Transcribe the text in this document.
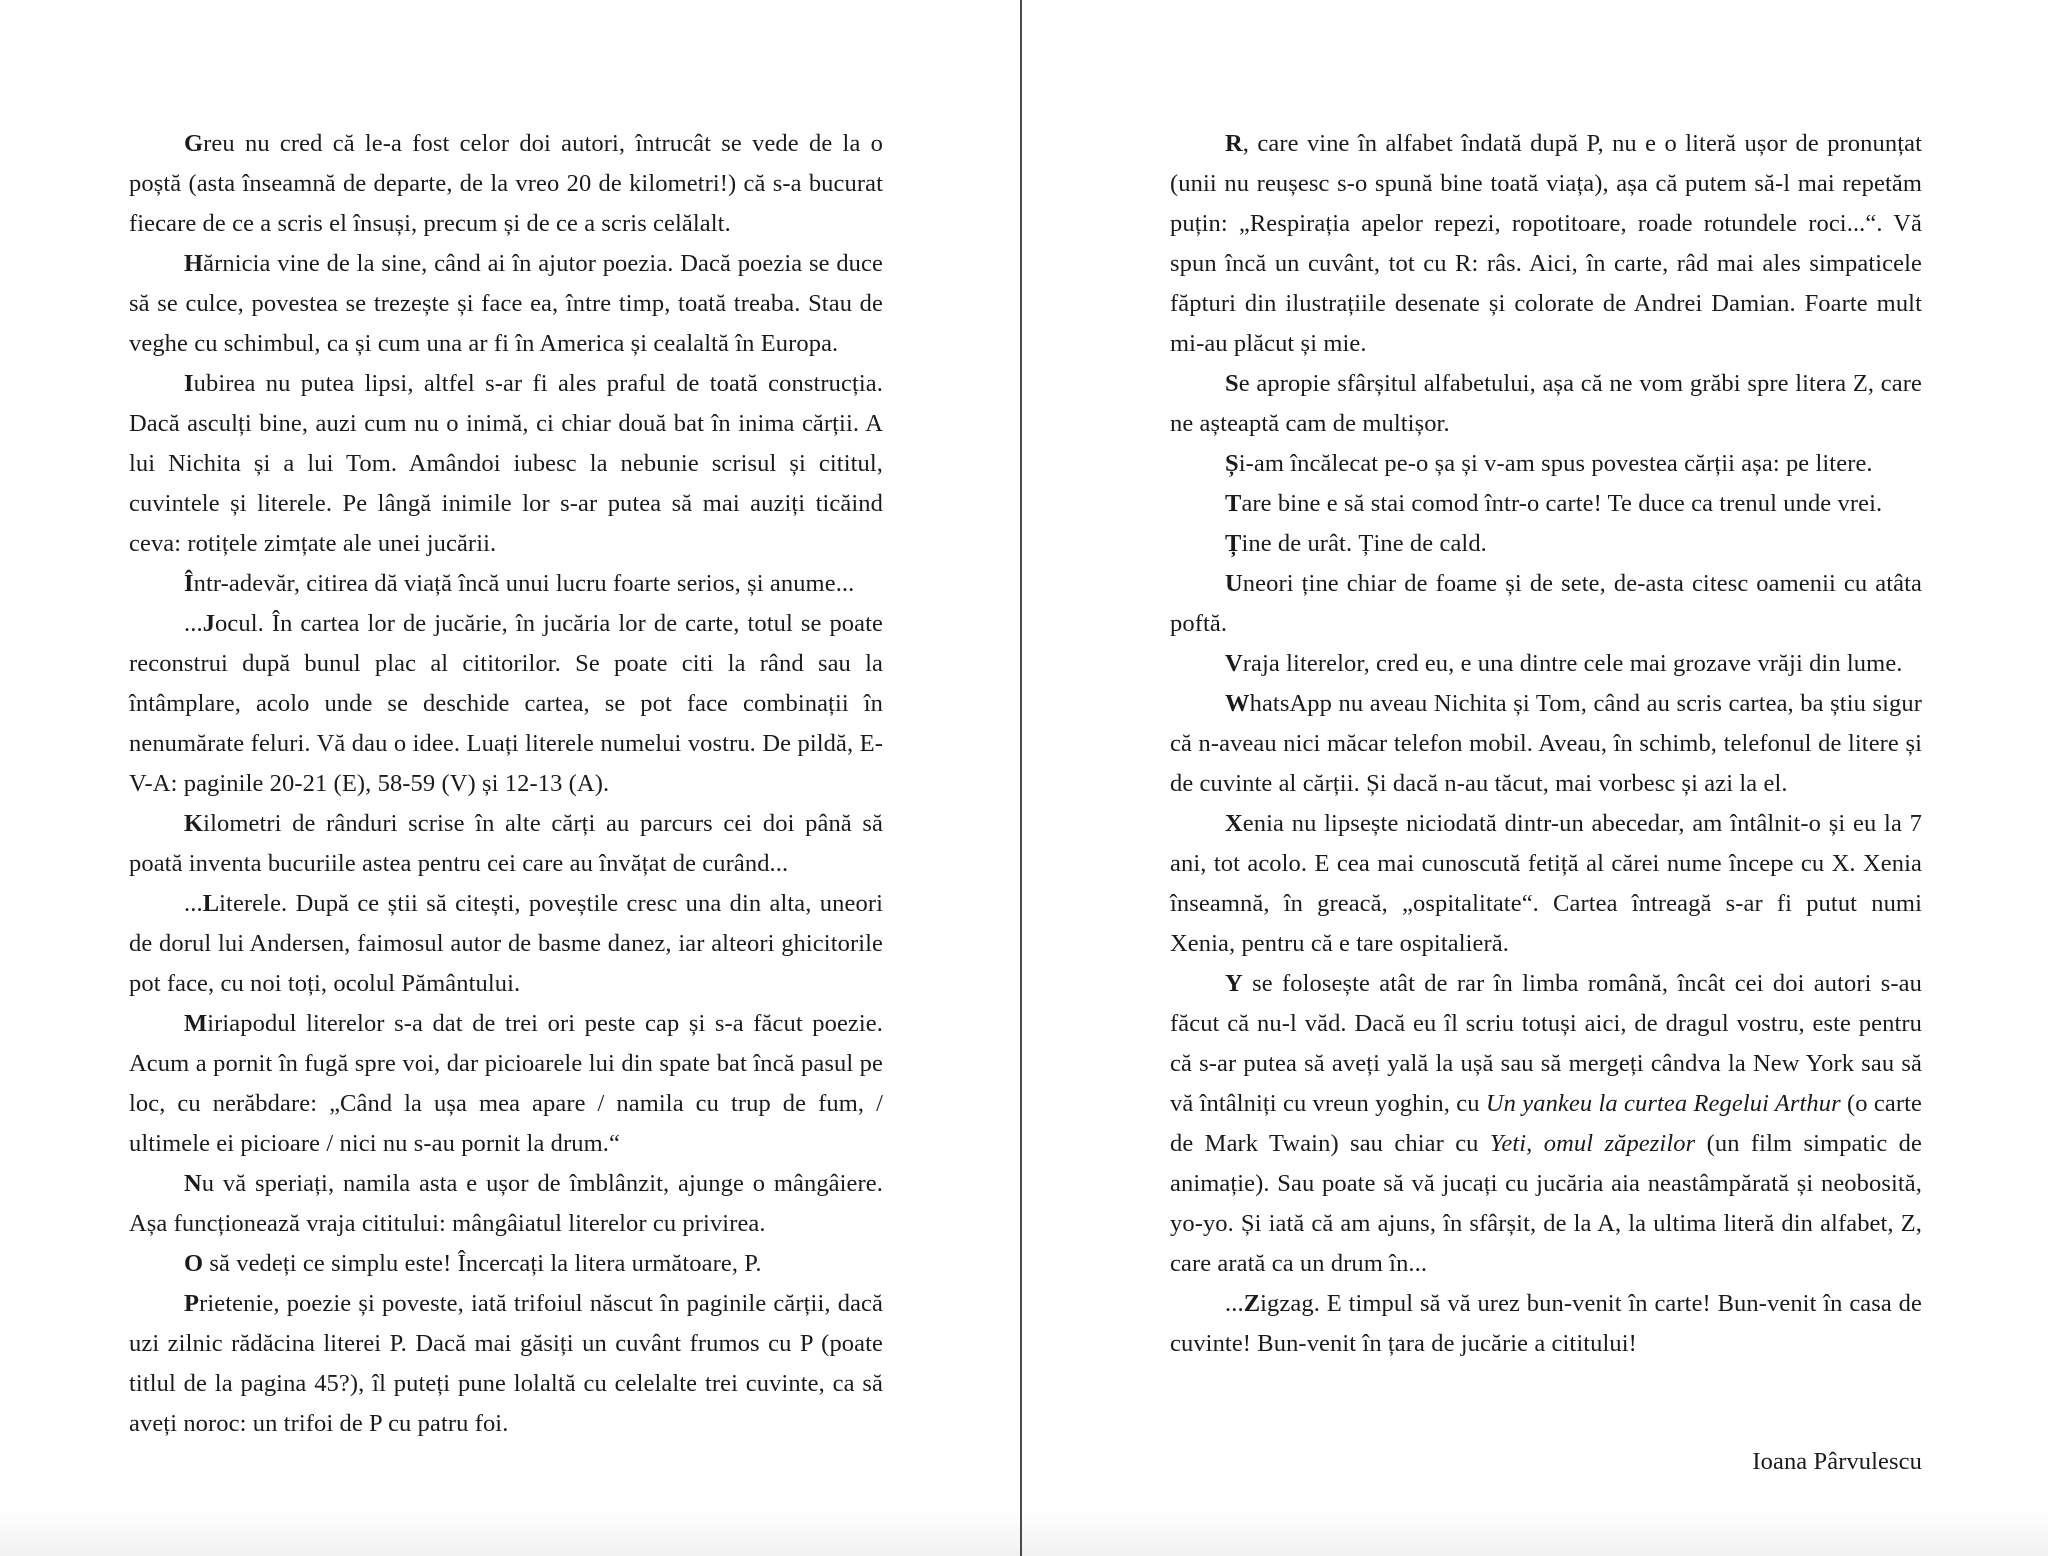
Greu nu cred că le-a fost celor doi autori, întrucât se vede de la o poștă (asta înseamnă de departe, de la vreo 20 de kilometri!) că s-a bucurat fiecare de ce a scris el însuși, precum și de ce a scris celălalt.

Hărnicia vine de la sine, când ai în ajutor poezia. Dacă poezia se duce să se culce, povestea se trezește și face ea, între timp, toată treaba. Stau de veghe cu schimbul, ca și cum una ar fi în America și cealaltă în Europa.

Iubirea nu putea lipsi, altfel s-ar fi ales praful de toată construcția. Dacă asculți bine, auzi cum nu o inimă, ci chiar două bat în inima cărții. A lui Nichita și a lui Tom. Amândoi iubesc la nebunie scrisul și cititul, cuvintele și literele. Pe lângă inimile lor s-ar putea să mai auziți ticăind ceva: rotițele zimțate ale unei jucării.

Într-adevăr, citirea dă viață încă unui lucru foarte serios, și anume...

...Jocul. În cartea lor de jucărie, în jucăria lor de carte, totul se poate reconstrui după bunul plac al cititorilor. Se poate citi la rând sau la întâmplare, acolo unde se deschide cartea, se pot face combinații în nenumărate feluri. Vă dau o idee. Luați literele numelui vostru. De pildă, E-V-A: paginile 20-21 (E), 58-59 (V) și 12-13 (A).

Kilometri de rânduri scrise în alte cărți au parcurs cei doi până să poată inventa bucuriile astea pentru cei care au învățat de curând...

...Literele. După ce știi să citești, poveștile cresc una din alta, uneori de dorul lui Andersen, faimosul autor de basme danez, iar alteori ghicitorile pot face, cu noi toți, ocolul Pământului.

Miriapodul literelor s-a dat de trei ori peste cap și s-a făcut poezie. Acum a pornit în fugă spre voi, dar picioarele lui din spate bat încă pasul pe loc, cu nerăbdare: „Când la ușa mea apare / namila cu trup de fum, / ultimele ei picioare / nici nu s-au pornit la drum.“

Nu vă speriați, namila asta e ușor de îmblânzit, ajunge o mângâiere. Așa funcționează vraja cititului: mângâiatul literelor cu privirea.

O să vedeți ce simplu este! Încercați la litera următoare, P.

Prietenie, poezie și poveste, iată trifoiul născut în paginile cărții, dacă uzi zilnic rădăcina literei P. Dacă mai găsiți un cuvânt frumos cu P (poate titlul de la pagina 45?), îl puteți pune lolaltă cu celelalte trei cuvinte, ca să aveți noroc: un trifoi de P cu patru foi.

R, care vine în alfabet îndată după P, nu e o literă ușor de pronunțat (unii nu reușesc s-o spună bine toată viața), așa că putem să-l mai repetăm puțin: „Respirația apelor repezi, ropotitoare, roade rotundele roci...“. Vă spun încă un cuvânt, tot cu R: râs. Aici, în carte, râd mai ales simpaticele făpturi din ilustrațiile desenate și colorate de Andrei Damian. Foarte mult mi-au plăcut și mie.

Se apropie sfârșitul alfabetului, așa că ne vom grăbi spre litera Z, care ne așteaptă cam de multișor.

Și-am încălecat pe-o șa și v-am spus povestea cărții așa: pe litere.

Tare bine e să stai comod într-o carte! Te duce ca trenul unde vrei.

Ține de urât. Ține de cald.

Uneori ține chiar de foame și de sete, de-asta citesc oamenii cu atâta poftă.

Vraja literelor, cred eu, e una dintre cele mai grozave vrăji din lume.

WhatsApp nu aveau Nichita și Tom, când au scris cartea, ba știu sigur că n-aveau nici măcar telefon mobil. Aveau, în schimb, telefonul de litere și de cuvinte al cărții. Și dacă n-au tăcut, mai vorbesc și azi la el.

Xenia nu lipsește niciodată dintr-un abecedar, am întâlnit-o și eu la 7 ani, tot acolo. E cea mai cunoscută fetiță al cărei nume începe cu X. Xenia înseamnă, în greacă, „ospitalitate“. Cartea întreagă s-ar fi putut numi Xenia, pentru că e tare ospitalieră.

Y se folosește atât de rar în limba română, încât cei doi autori s-au făcut că nu-l văd. Dacă eu îl scriu totuși aici, de dragul vostru, este pentru că s-ar putea să aveți yală la ușă sau să mergeți cândva la New York sau să vă întâlniți cu vreun yoghin, cu Un yankeu la curtea Regelui Arthur (o carte de Mark Twain) sau chiar cu Yeti, omul zăpezilor (un film simpatic de animație). Sau poate să vă jucați cu jucăria aia neastâmpărată și neobosită, yo-yo. Și iată că am ajuns, în sfârșit, de la A, la ultima literă din alfabet, Z, care arată ca un drum în...

...Zigzag. E timpul să vă urez bun-venit în carte! Bun-venit în casa de cuvinte! Bun-venit în țara de jucărie a cititului!

Ioana Pârvulescu
